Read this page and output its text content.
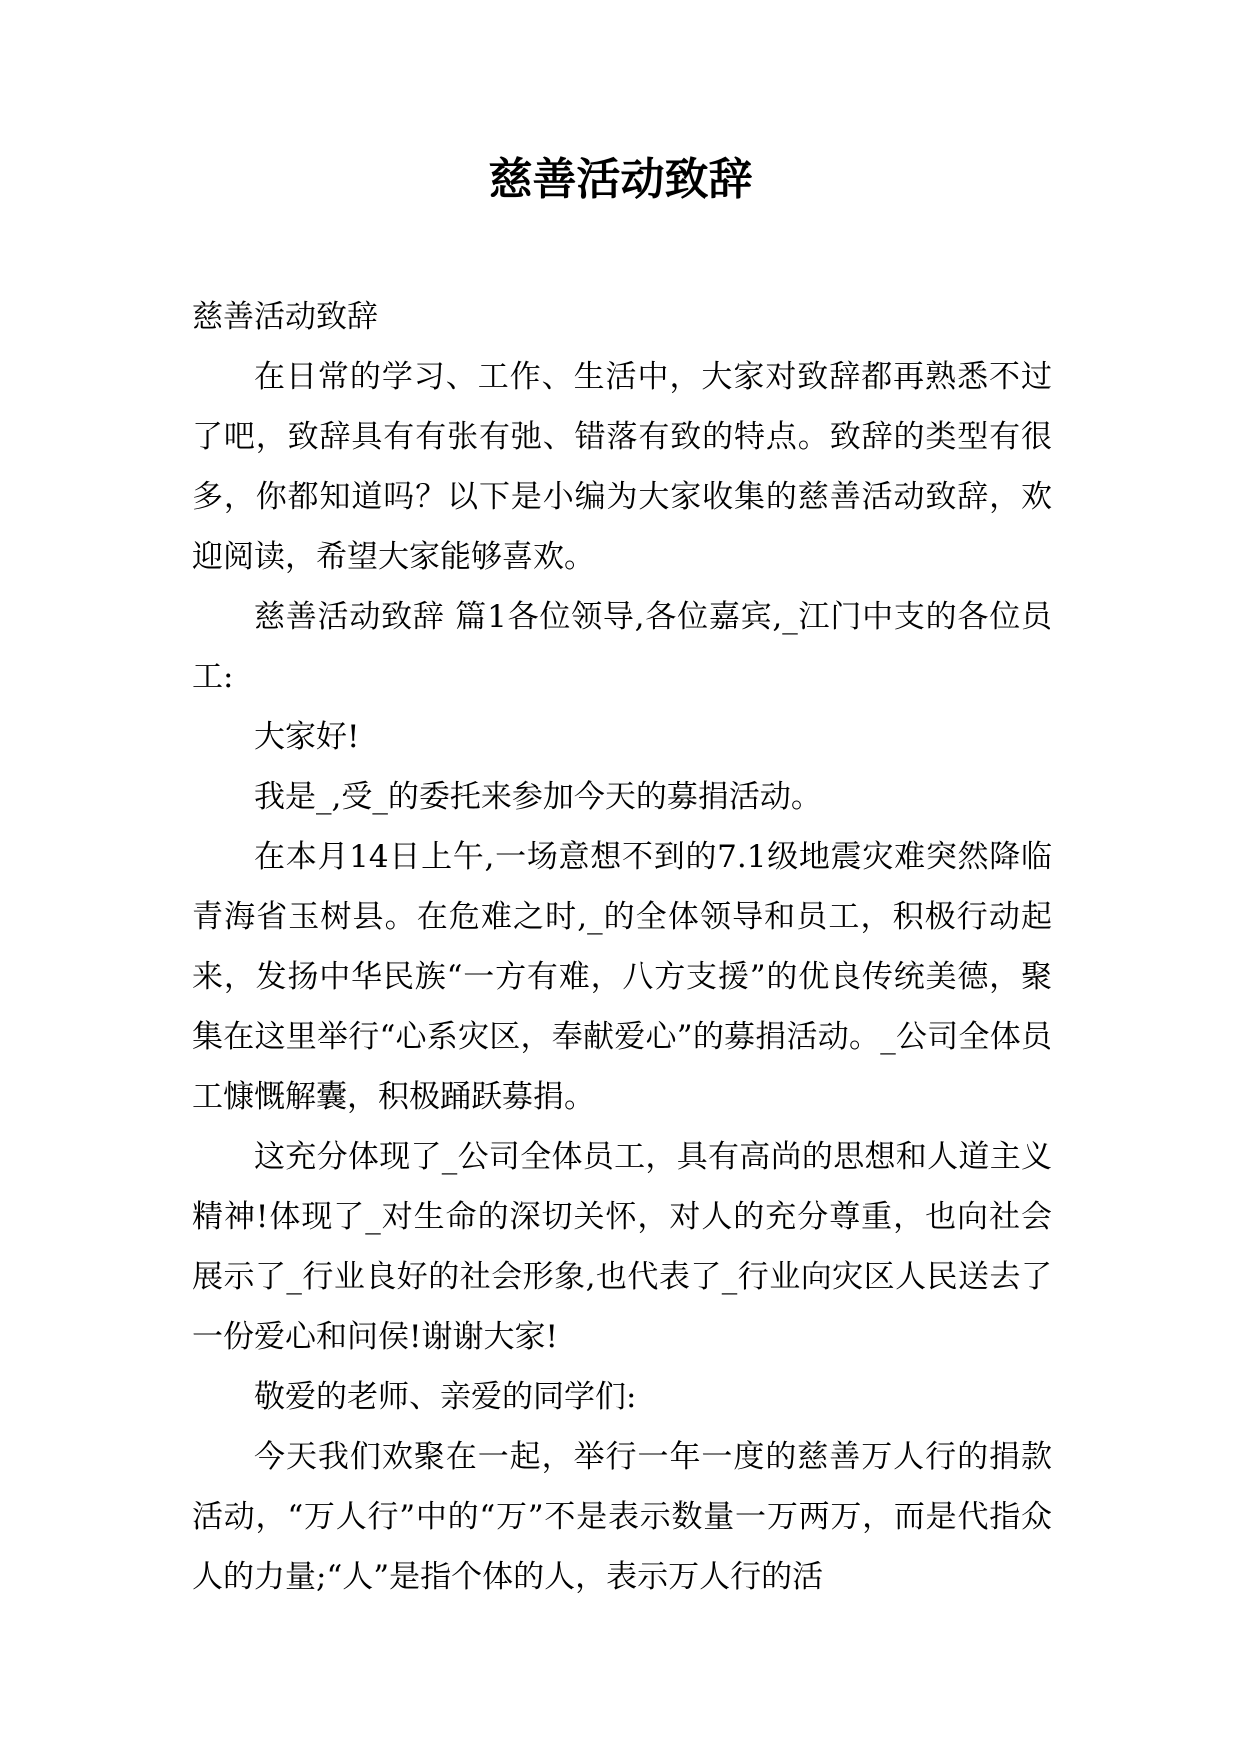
慈善活动致辞

慈善活动致辞

在日常的学习、工作、生活中，大家对致辞都再熟悉不过了吧，致辞具有有张有弛、错落有致的特点。致辞的类型有很多，你都知道吗？以下是小编为大家收集的慈善活动致辞，欢迎阅读，希望大家能够喜欢。

慈善活动致辞 篇1各位领导,各位嘉宾,_江门中支的各位员工:

大家好!

我是_,受_的委托来参加今天的募捐活动。

在本月14日上午,一场意想不到的7.1级地震灾难突然降临青海省玉树县。在危难之时,_的全体领导和员工，积极行动起来，发扬中华民族“一方有难，八方支援”的优良传统美德，聚集在这里举行“心系灾区，奉献爱心”的募捐活动。_公司全体员工慷慨解囊，积极踊跃募捐。

这充分体现了_公司全体员工，具有高尚的思想和人道主义精神!体现了_对生命的深切关怀，对人的充分尊重，也向社会展示了_行业良好的社会形象,也代表了_行业向灾区人民送去了一份爱心和问侯!谢谢大家!

敬爱的老师、亲爱的同学们:

今天我们欢聚在一起，举行一年一度的慈善万人行的捐款活动，“万人行”中的“万”不是表示数量一万两万，而是代指众人的力量;“人”是指个体的人，表示万人行的活
